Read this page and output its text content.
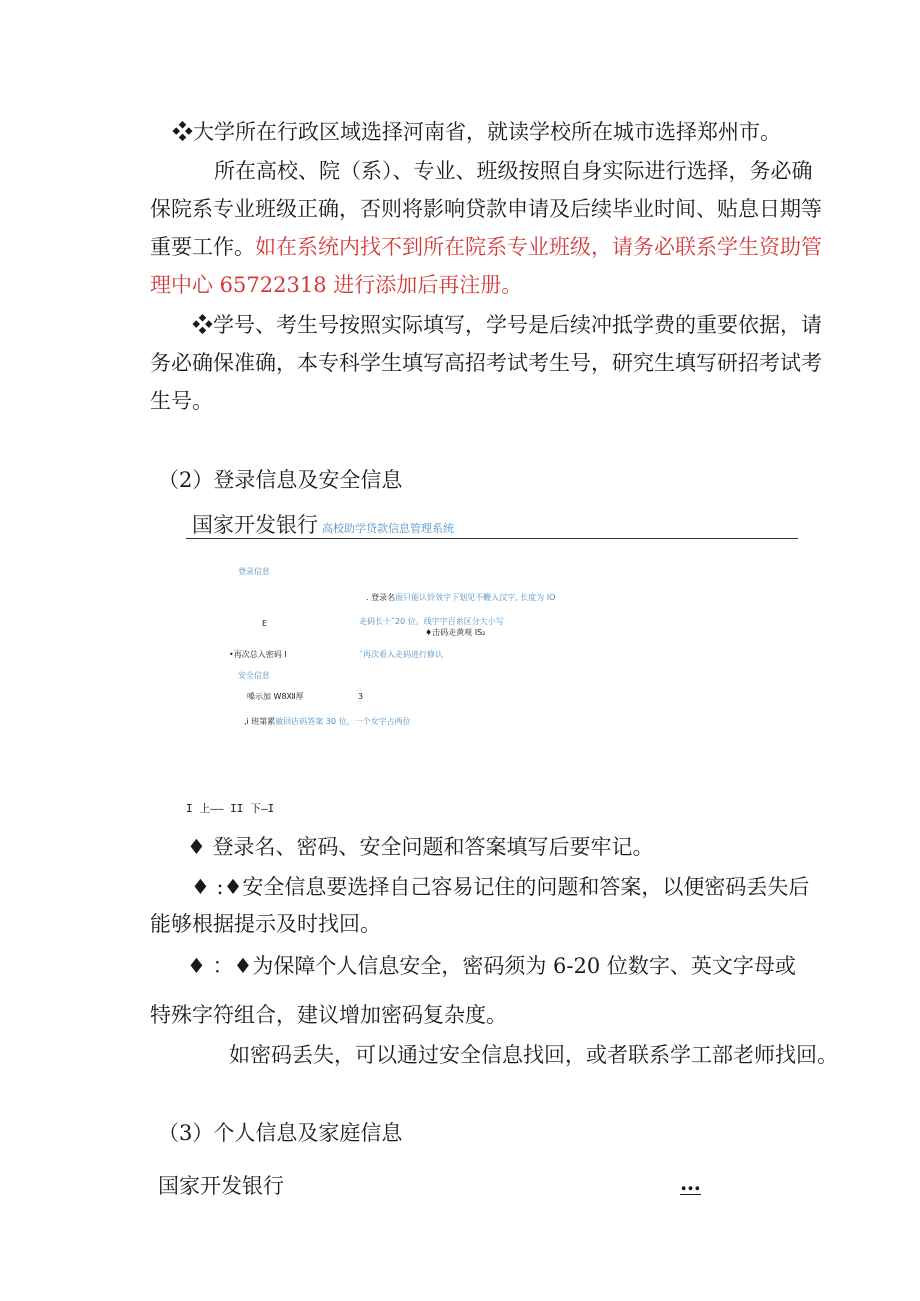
❖大学所在行政区域选择河南省，就读学校所在城市选择郑州市。
所在高校、院（系）、专业、班级按照自身实际进行选择，务必确
保院系专业班级正确，否则将影响贷款申请及后续毕业时间、贴息日期等
重要工作。如在系统内找不到所在院系专业班级，请务必联系学生资助管
理中心 65722318 进行添加后再注册。
❖学号、考生号按照实际填写，学号是后续冲抵学费的重要依据，请
务必确保准确，本专科学生填写高招考试考生号，研究生填写研招考试考
生号。
（2）登录信息及安全信息
国家开发银行 高校助学贷款信息管理系统
登录信息
. 登录名面只能认铃效字下划见不鞭入汉字, 长度为 IO
E	走码长十˜20 位。线宇宇百糸区分大小写
♦击码走黄观 IS₂
•再次总入密码 I	˜再次看入走码进行修认
安全信息
嗓示加 W8Ⅻ厚	3
,i 班第累敏回店码答案 30 位，一个女字占两位
I 上—— II 下—I
♦ 登录名、密码、安全问题和答案填写后要牢记。
♦ :♦安全信息要选择自己容易记住的问题和答案，以便密码丢失后
能够根据提示及时找回。
♦ ：♦为保障个人信息安全，密码须为 6-20 位数字、英文字母或
特殊字符组合，建议增加密码复杂度。
如密码丢失，可以通过安全信息找回，或者联系学工部老师找回。
（3）个人信息及家庭信息
国家开发银行	…
